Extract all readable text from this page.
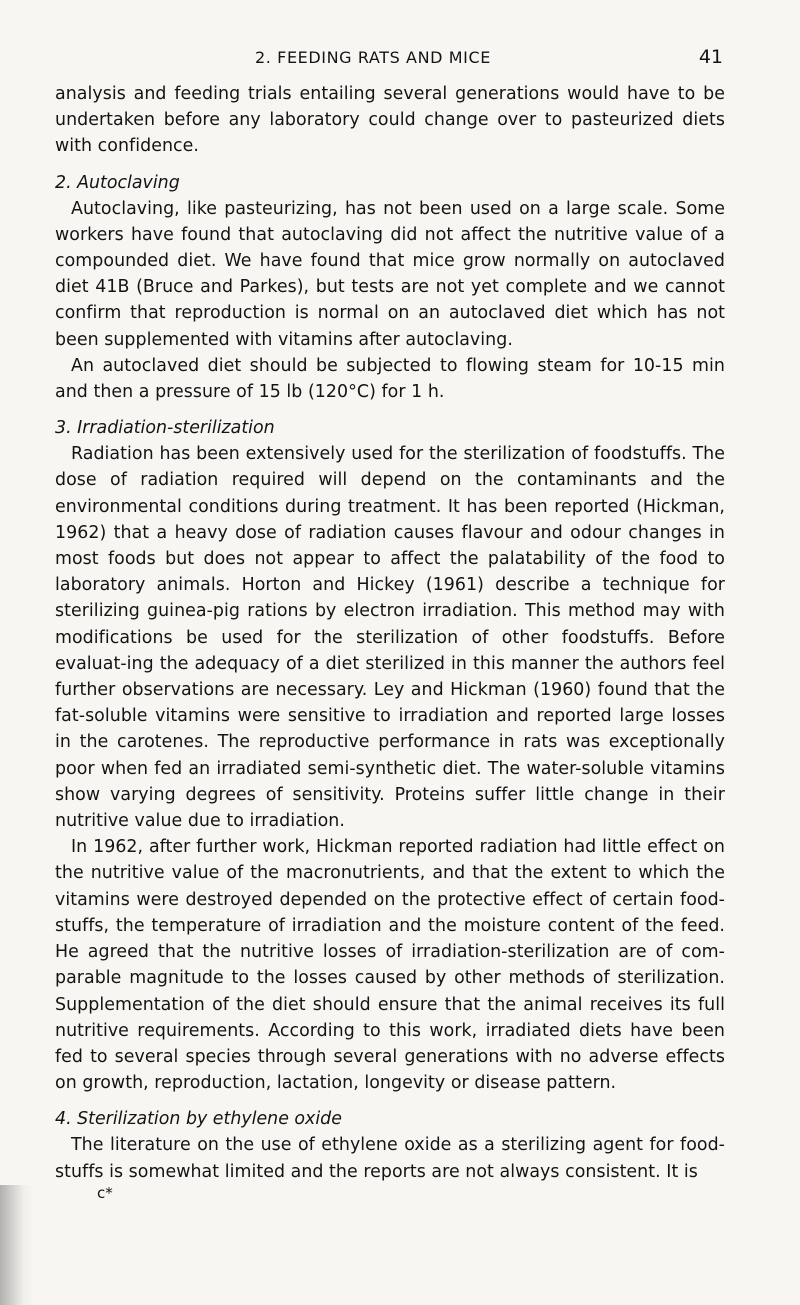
2. FEEDING RATS AND MICE	41

analysis and feeding trials entailing several generations would have to be undertaken before any laboratory could change over to pasteurized diets with confidence.

2. Autoclaving

Autoclaving, like pasteurizing, has not been used on a large scale. Some workers have found that autoclaving did not affect the nutritive value of a compounded diet. We have found that mice grow normally on autoclaved diet 41B (Bruce and Parkes), but tests are not yet complete and we cannot confirm that reproduction is normal on an autoclaved diet which has not been supplemented with vitamins after autoclaving.

An autoclaved diet should be subjected to flowing steam for 10-15 min and then a pressure of 15 lb (120°C) for 1 h.

3. Irradiation-sterilization

Radiation has been extensively used for the sterilization of foodstuffs. The dose of radiation required will depend on the contaminants and the environmental conditions during treatment. It has been reported (Hickman, 1962) that a heavy dose of radiation causes flavour and odour changes in most foods but does not appear to affect the palatability of the food to laboratory animals. Horton and Hickey (1961) describe a technique for sterilizing guinea-pig rations by electron irradiation. This method may with modifications be used for the sterilization of other foodstuffs. Before evaluat-ing the adequacy of a diet sterilized in this manner the authors feel further observations are necessary. Ley and Hickman (1960) found that the fat-soluble vitamins were sensitive to irradiation and reported large losses in the carotenes. The reproductive performance in rats was exceptionally poor when fed an irradiated semi-synthetic diet. The water-soluble vitamins show varying degrees of sensitivity. Proteins suffer little change in their nutritive value due to irradiation.

In 1962, after further work, Hickman reported radiation had little effect on the nutritive value of the macronutrients, and that the extent to which the vitamins were destroyed depended on the protective effect of certain food-stuffs, the temperature of irradiation and the moisture content of the feed. He agreed that the nutritive losses of irradiation-sterilization are of com-parable magnitude to the losses caused by other methods of sterilization. Supplementation of the diet should ensure that the animal receives its full nutritive requirements. According to this work, irradiated diets have been fed to several species through several generations with no adverse effects on growth, reproduction, lactation, longevity or disease pattern.

4. Sterilization by ethylene oxide

The literature on the use of ethylene oxide as a sterilizing agent for food-stuffs is somewhat limited and the reports are not always consistent. It is

c*
